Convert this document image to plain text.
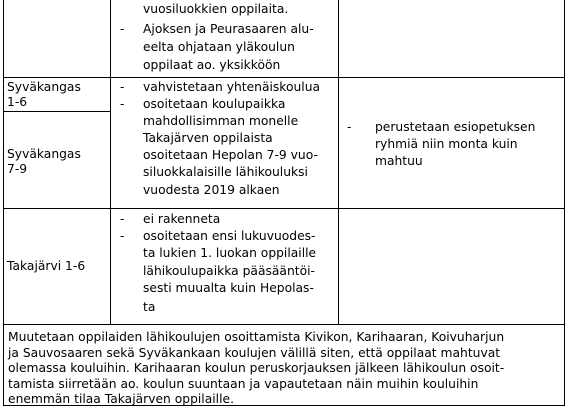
vuosiluokkien oppilaita.
- Ajoksen ja Peurasaaren alu-
eelta ohjataan yläkoulun
oppilaat ao. yksikköön
Syväkangas
1-6
Syväkangas
7-9
- vahvistetaan yhtenäiskoulua
- osoitetaan koulupaikka
mahdollisimman monelle
Takajärven oppilaista
osoitetaan Hepolan 7-9 vuo-
siluokkalaisille lähikouluksi
vuodesta 2019 alkaen
- perustetaan esiopetuksen
ryhmiä niin monta kuin
mahtuu
Takajärvi 1-6
- ei rakenneta
- osoitetaan ensi lukuvuodes-
ta lukien 1. luokan oppilaille
lähikoulupaikka pääsääntöi-
sesti muualta kuin Hepolas-
ta
Muutetaan oppilaiden lähikoulujen osoittamista Kivikon, Karihaaran, Koivuharjun
ja Sauvosaaren sekä Syväkankaan koulujen välillä siten, että oppilaat mahtuvat
olemassa kouluihin. Karihaaran koulun peruskorjauksen jälkeen lähikoulun osoit-
tamista siirretään ao. koulun suuntaan ja vapautetaan näin muihin kouluihin
enemmän tilaa Takajärven oppilaille.
